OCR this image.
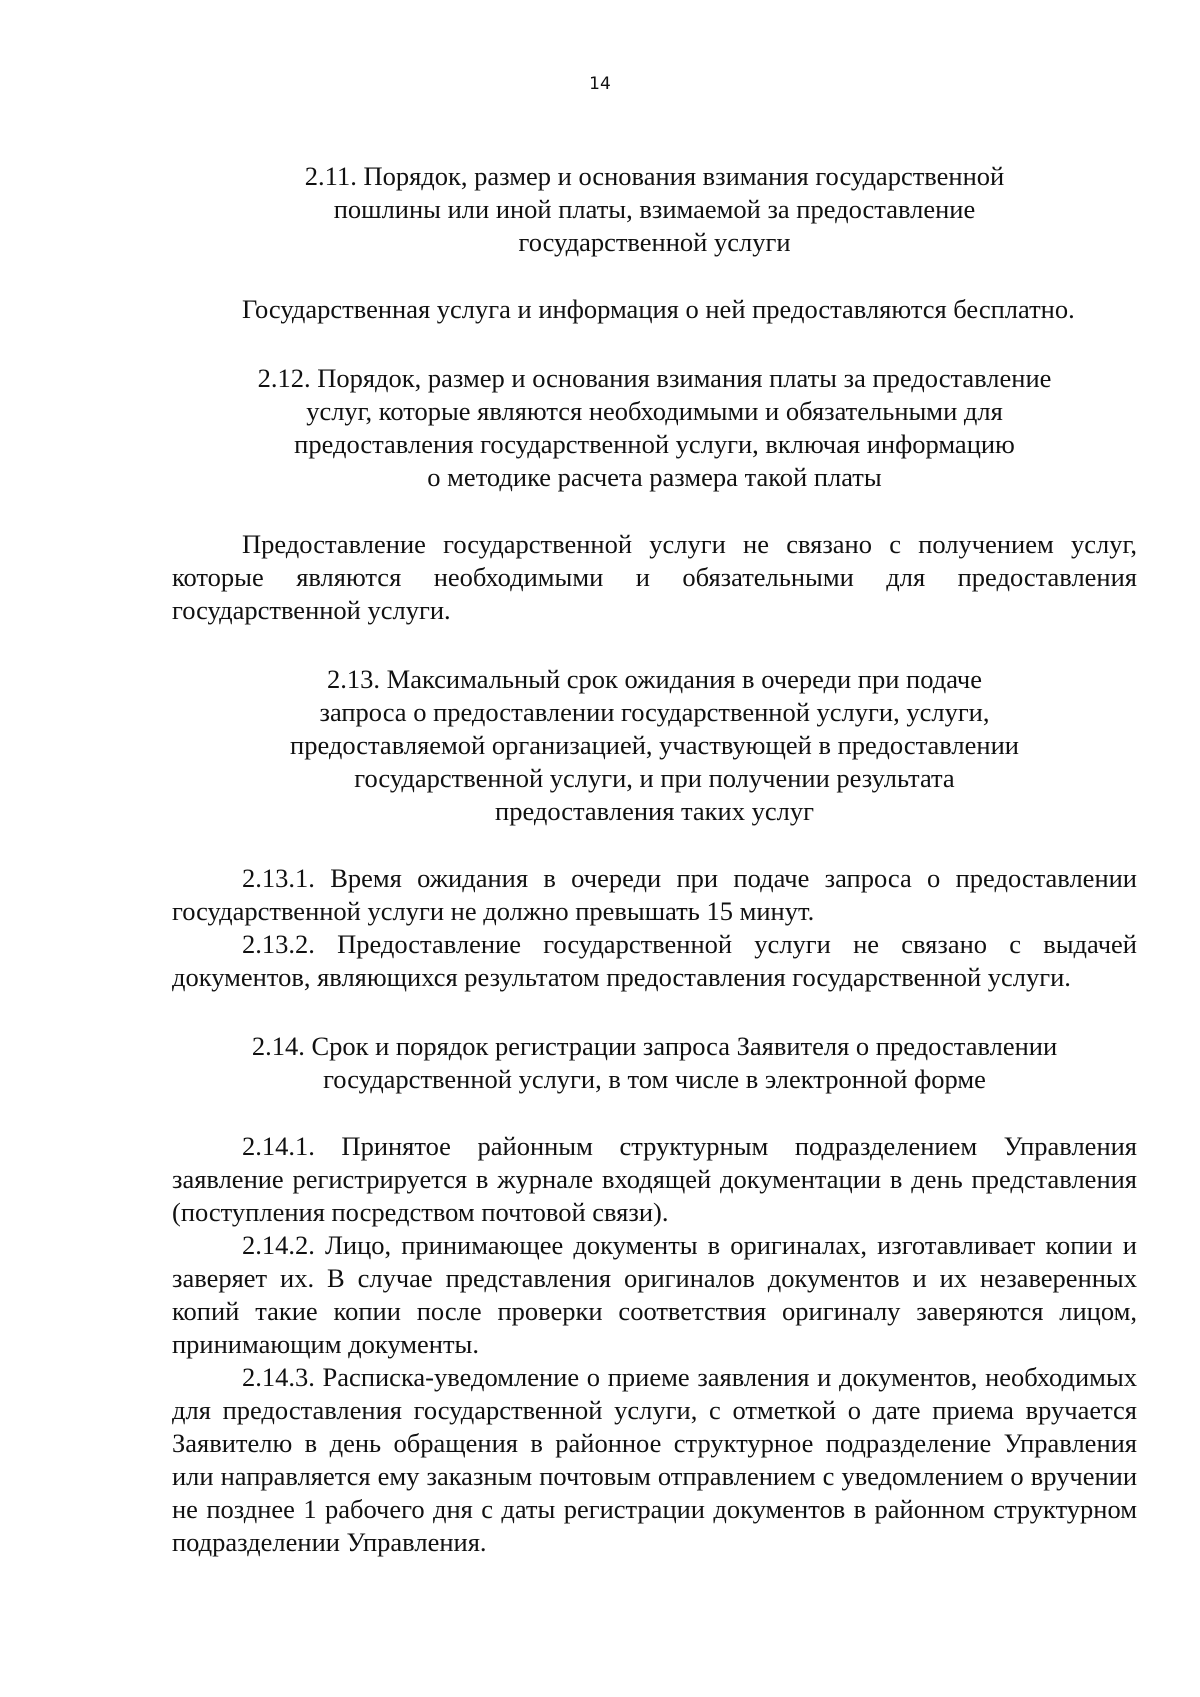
14
2.11. Порядок, размер и основания взимания государственной
пошлины или иной платы, взимаемой за предоставление
государственной услуги

Государственная услуга и информация о ней предоставляются бесплатно.

2.12. Порядок, размер и основания взимания платы за предоставление
услуг, которые являются необходимыми и обязательными для
предоставления государственной услуги, включая информацию
о методике расчета размера такой платы

Предоставление государственной услуги не связано с получением услуг, которые являются необходимыми и обязательными для предоставления государственной услуги.

2.13. Максимальный срок ожидания в очереди при подаче
запроса о предоставлении государственной услуги, услуги,
предоставляемой организацией, участвующей в предоставлении
государственной услуги, и при получении результата
предоставления таких услуг

2.13.1. Время ожидания в очереди при подаче запроса о предоставлении государственной услуги не должно превышать 15 минут.

2.13.2. Предоставление государственной услуги не связано с выдачей документов, являющихся результатом предоставления государственной услуги.

2.14. Срок и порядок регистрации запроса Заявителя о предоставлении
государственной услуги, в том числе в электронной форме

2.14.1. Принятое районным структурным подразделением Управления заявление регистрируется в журнале входящей документации в день представления (поступления посредством почтовой связи).

2.14.2. Лицо, принимающее документы в оригиналах, изготавливает копии и заверяет их. В случае представления оригиналов документов и их незаверенных копий такие копии после проверки соответствия оригиналу заверяются лицом, принимающим документы.

2.14.3. Расписка-уведомление о приеме заявления и документов, необходимых для предоставления государственной услуги, с отметкой о дате приема вручается Заявителю в день обращения в районное структурное подразделение Управления или направляется ему заказным почтовым отправлением с уведомлением о вручении не позднее 1 рабочего дня с даты регистрации документов в районном структурном подразделении Управления.
